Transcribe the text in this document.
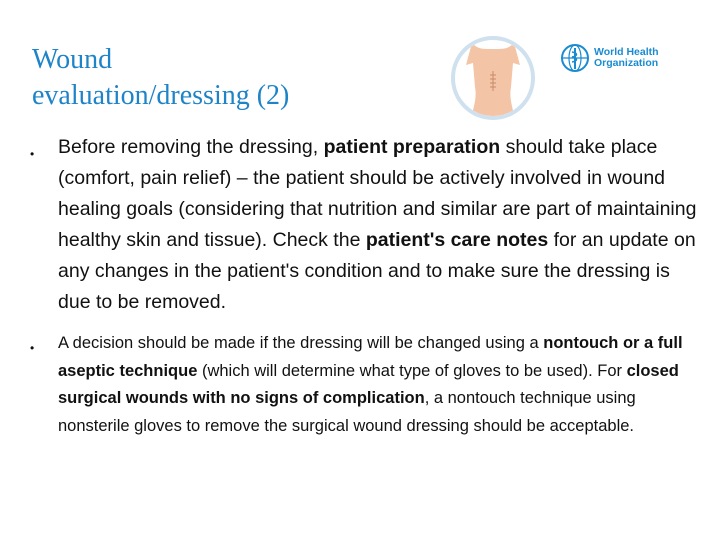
Wound
evaluation/dressing (2)
World Health
Organization
• Before removing the dressing, patient preparation should take place (comfort, pain relief) – the patient should be actively involved in wound healing goals (considering that nutrition and similar are part of maintaining healthy skin and tissue). Check the patient's care notes for an update on any changes in the patient's condition and to make sure the dressing is due to be removed.
• A decision should be made if the dressing will be changed using a nontouch or a full aseptic technique (which will determine what type of gloves to be used). For closed surgical wounds with no signs of complication, a nontouch technique using nonsterile gloves to remove the surgical wound dressing should be acceptable.
